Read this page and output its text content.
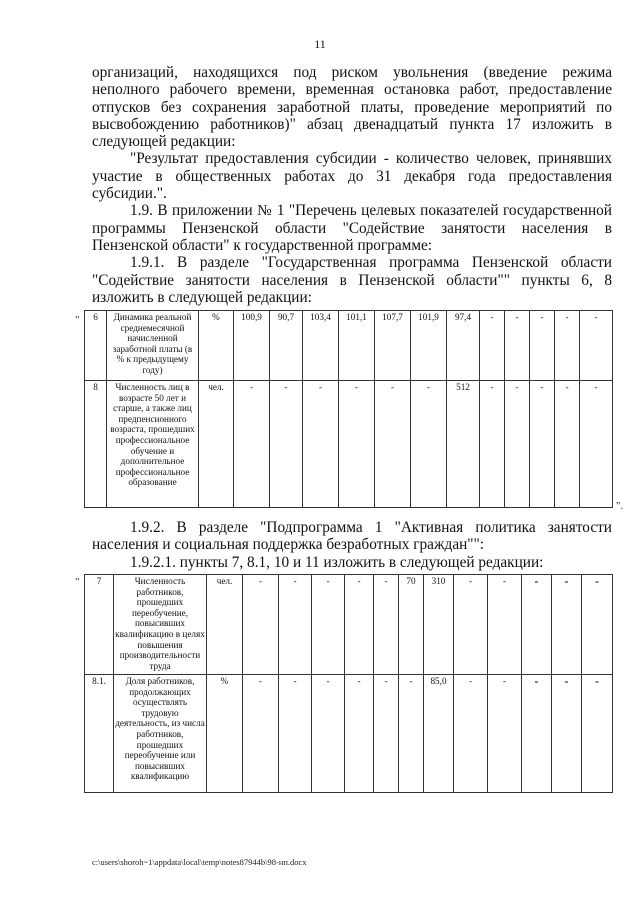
11

организаций, находящихся под риском увольнения (введение режима неполного рабочего времени, временная остановка работ, предоставление отпусков без сохранения заработной платы, проведение мероприятий по высвобождению работников)" абзац двенадцатый пункта 17 изложить в следующей редакции:

"Результат предоставления субсидии - количество человек, принявших участие в общественных работах до 31 декабря года предоставления субсидии.".

1.9. В приложении № 1 "Перечень целевых показателей государственной программы Пензенской области "Содействие занятости населения в Пензенской области" к государственной программе:

1.9.1. В разделе "Государственная программа Пензенской области "Содействие занятости населения в Пензенской области"" пункты 6, 8 изложить в следующей редакции:

" 6	Динамика реальной среднемесячной начисленной заработной платы (в % к предыдущему году)	%	100,9	90,7	103,4	101,1	107,7	101,9	97,4	-	-	-	-	-
8	Численность лиц в возрасте 50 лет и старше, а также лиц предпенсионного возраста, прошедших профессиональное обучение и дополнительное профессиональное образование	чел.	-	-	-	-	-	-	512	-	-	-	-	-
".

1.9.2. В разделе "Подпрограмма 1 "Активная политика занятости населения и социальная поддержка безработных граждан"":

1.9.2.1. пункты 7, 8.1, 10 и 11 изложить в следующей редакции:

" 7	Численность работников, прошедших переобучение, повысивших квалификацию в целях повышения производительности труда	чел.	-	-	-	-	-	70	310	-	-	-	-	-
8.1.	Доля работников, продолжающих осуществлять трудовую деятельность, из числа работников, прошедших переобучение или повысивших квалификацию	%	-	-	-	-	-	-	85,0	-	-	-	-	-
c:\users\shoroh~1\appdata\local\temp\notes87944b\98-нп.docx
